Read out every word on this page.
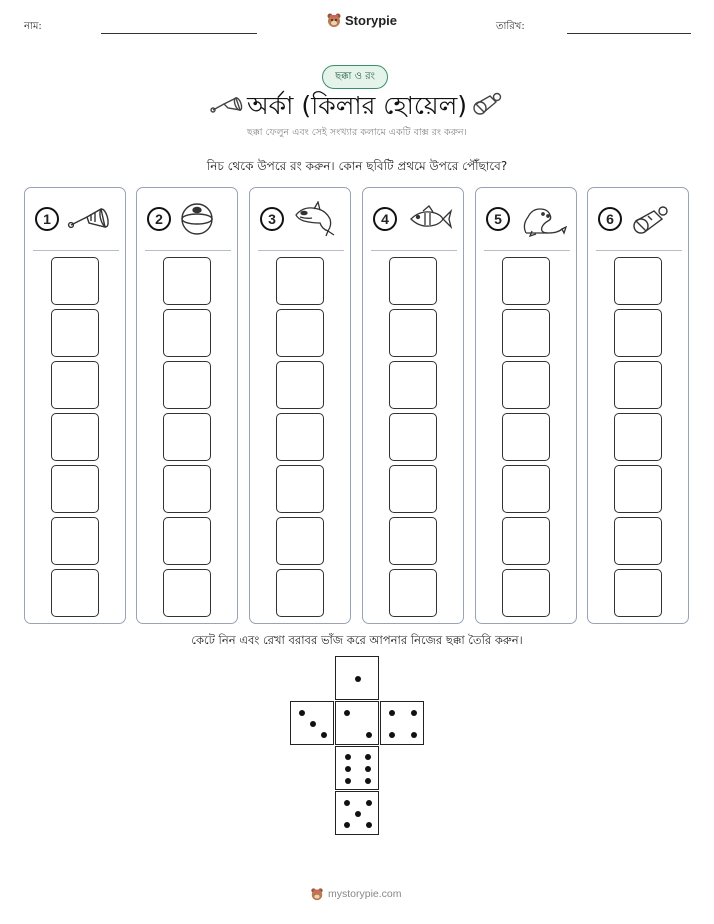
নাম:	Storypie	তারিখ:
ছক্কা ও রং
অর্কা (কিলার হোয়েল)
ছক্কা ফেলুন এবং সেই সংখ্যার কলামে একটি বাক্স রং করুন।
নিচ থেকে উপরে রং করুন। কোন ছবিটি প্রথমে উপরে পৌঁছাবে?
1	2	3	4	5	6
কেটে নিন এবং রেখা বরাবর ভাঁজ করে আপনার নিজের ছক্কা তৈরি করুন।
mystorypie.com
